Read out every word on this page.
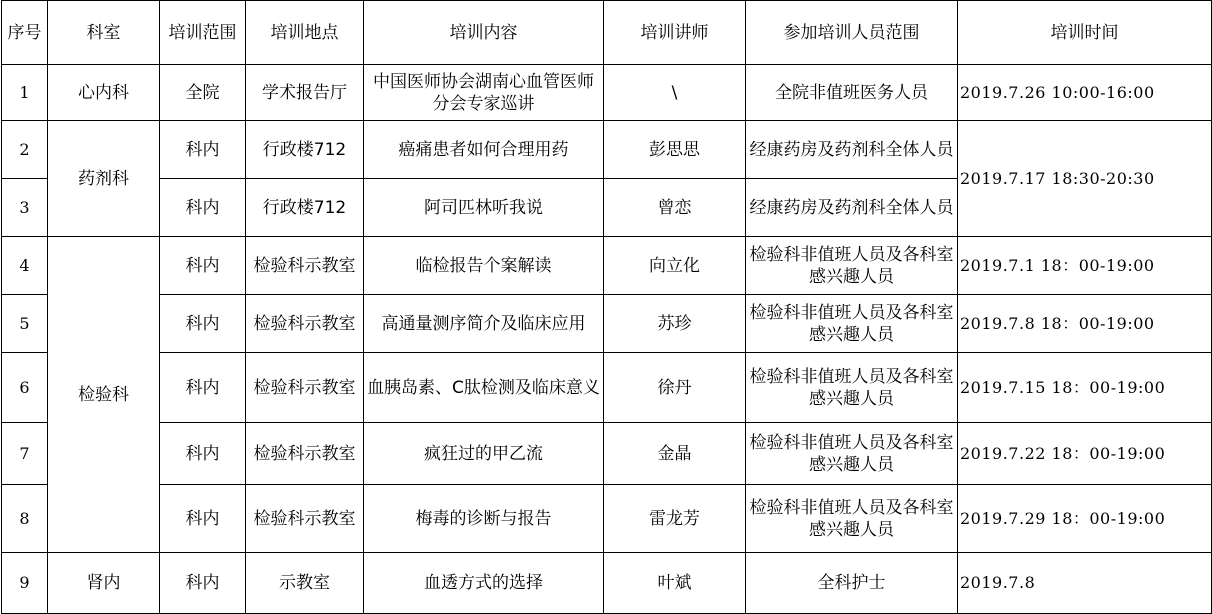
序号	科室	培训范围	培训地点	培训内容	培训讲师	参加培训人员范围	培训时间
1	心内科	全院	学术报告厅	中国医师协会湖南心血管医师分会专家巡讲	\	全院非值班医务人员	2019.7.26 10:00-16:00
2	药剂科	科内	行政楼712	癌痛患者如何合理用药	彭思思	经康药房及药剂科全体人员	2019.7.17 18:30-20:30
3		科内	行政楼712	阿司匹林听我说	曾恋	经康药房及药剂科全体人员	
4	检验科	科内	检验科示教室	临检报告个案解读	向立化	检验科非值班人员及各科室感兴趣人员	2019.7.1 18：00-19:00
5		科内	检验科示教室	高通量测序简介及临床应用	苏珍	检验科非值班人员及各科室感兴趣人员	2019.7.8 18：00-19:00
6		科内	检验科示教室	血胰岛素、C肽检测及临床意义	徐丹	检验科非值班人员及各科室感兴趣人员	2019.7.15 18：00-19:00
7		科内	检验科示教室	疯狂过的甲乙流	金晶	检验科非值班人员及各科室感兴趣人员	2019.7.22 18：00-19:00
8		科内	检验科示教室	梅毒的诊断与报告	雷龙芳	检验科非值班人员及各科室感兴趣人员	2019.7.29 18：00-19:00
9	肾内	科内	示教室	血透方式的选择	叶斌	全科护士	2019.7.8
